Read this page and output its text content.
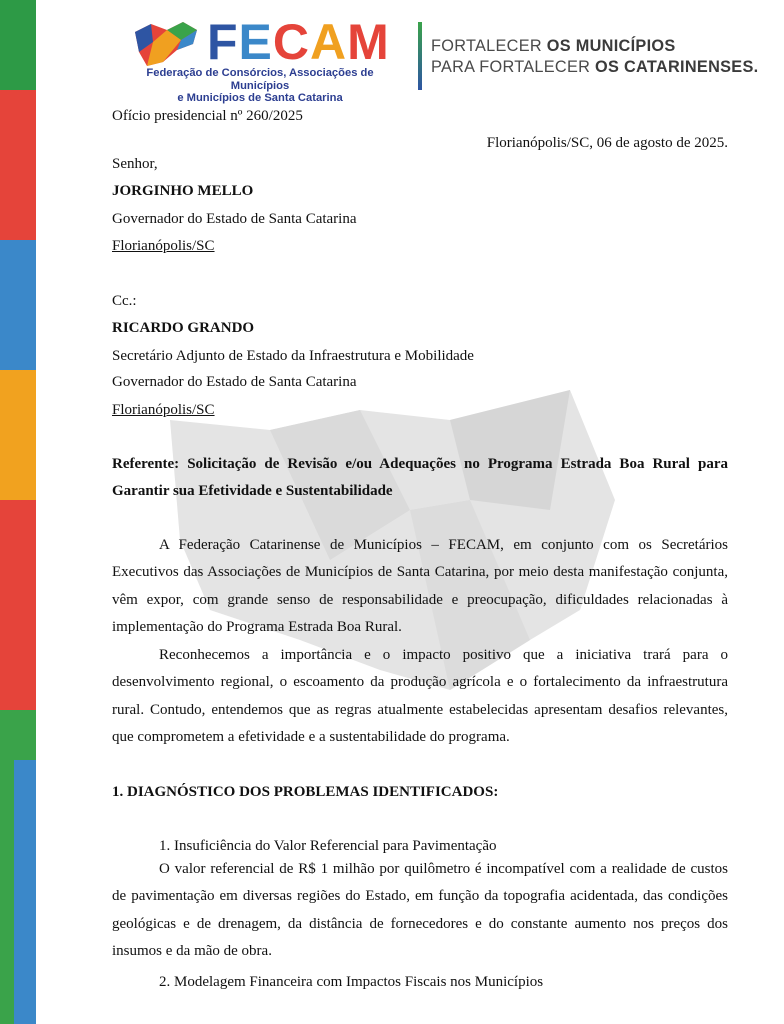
FECAM
Federação de Consórcios, Associações de Municípios
e Municípios de Santa Catarina
FORTALECER OS MUNICÍPIOS
PARA FORTALECER OS CATARINENSES.
Ofício presidencial nº 260/2025
Florianópolis/SC, 06 de agosto de 2025.
Senhor,
JORGINHO MELLO
Governador do Estado de Santa Catarina
Florianópolis/SC
Cc.:
RICARDO GRANDO
Secretário Adjunto de Estado da Infraestrutura e Mobilidade
Governador do Estado de Santa Catarina
Florianópolis/SC
Referente: Solicitação de Revisão e/ou Adequações no Programa Estrada Boa Rural para Garantir sua Efetividade e Sustentabilidade
A Federação Catarinense de Municípios – FECAM, em conjunto com os Secretários Executivos das Associações de Municípios de Santa Catarina, por meio desta manifestação conjunta, vêm expor, com grande senso de responsabilidade e preocupação, dificuldades relacionadas à implementação do Programa Estrada Boa Rural.
Reconhecemos a importância e o impacto positivo que a iniciativa trará para o desenvolvimento regional, o escoamento da produção agrícola e o fortalecimento da infraestrutura rural. Contudo, entendemos que as regras atualmente estabelecidas apresentam desafios relevantes, que comprometem a efetividade e a sustentabilidade do programa.
1. DIAGNÓSTICO DOS PROBLEMAS IDENTIFICADOS:
1. Insuficiência do Valor Referencial para Pavimentação
O valor referencial de R$ 1 milhão por quilômetro é incompatível com a realidade de custos de pavimentação em diversas regiões do Estado, em função da topografia acidentada, das condições geológicas e de drenagem, da distância de fornecedores e do constante aumento nos preços dos insumos e da mão de obra.
2. Modelagem Financeira com Impactos Fiscais nos Municípios
